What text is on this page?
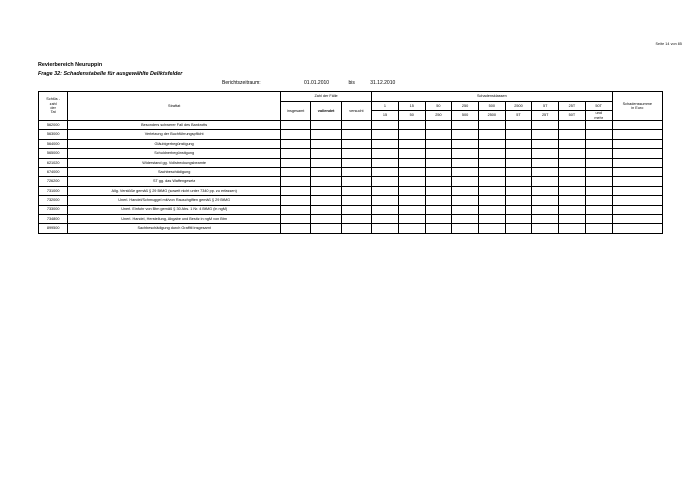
Seite 14 von 85
Revierbereich Neuruppin
Frage 32: Schadenstabelle für ausgewählte Deliktsfelder
Berichtszeitraum:	01.01.2010	bis	31.12.2010
Schlüs -
zahl
der
Tat	Straftat	Zahl der Fälle			Schadensklassen									Schadenssumme
in Euro
		insgesamt	vollendet	versucht	1	15	50	250	500	2500	5T	25T	50T	
					15	50	250	500	2500	5T	25T	50T	und
mehr	
562000	Besonders schwerer Fall des Bankrotts													
563000	Verletzung der Buchführungspflicht													
564000	Gläubigerbegünstigung													
565000	Schuldnerbegünstigung													
621020	Widerstand gg. Vollstreckungsbeamte													
674000	Sachbeschädigung													
726200	ST gg. das Waffengesetz													
731000	Allg. Verstöße gemäß § 29 BtMG (soweit nicht unter 7340 pp. zu erfassen)													
732000	Unerl. Handel/Schmuggel mit/von Rauschgiften gemäß § 29 BtMG													
733000	Unerl. Einfuhr von Btm gemäß § 30 Abs. 1 Nr. 4 BtMG (in ngM)													
734800	Unerl. Handel, Herstellung, Abgabe und Besitz in ngM von Btm													
899500	Sachbeschädigung durch Graffiti insgesamt													
